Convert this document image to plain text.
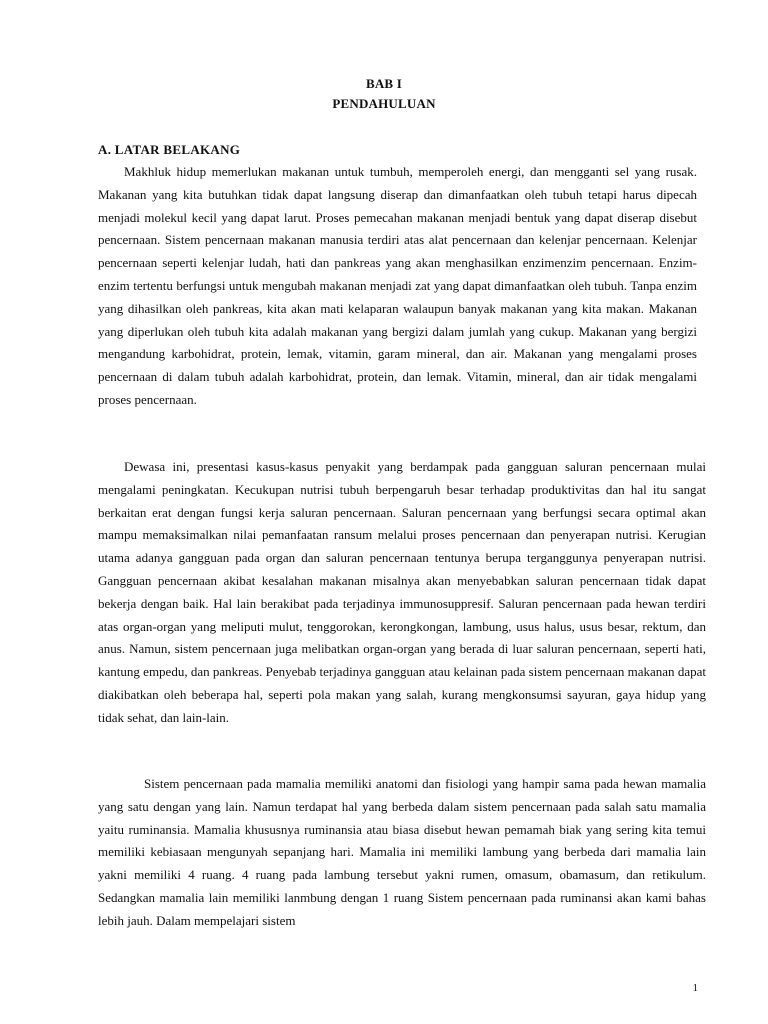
BAB I
PENDAHULUAN
A. LATAR BELAKANG

Makhluk hidup memerlukan makanan untuk tumbuh, memperoleh energi, dan mengganti sel yang rusak. Makanan yang kita butuhkan tidak dapat langsung diserap dan dimanfaatkan oleh tubuh tetapi harus dipecah menjadi molekul kecil yang dapat larut. Proses pemecahan makanan menjadi bentuk yang dapat diserap disebut pencernaan. Sistem pencernaan makanan manusia terdiri atas alat pencernaan dan kelenjar pencernaan. Kelenjar pencernaan seperti kelenjar ludah, hati dan pankreas yang akan menghasilkan enzimenzim pencernaan. Enzim-enzim tertentu berfungsi untuk mengubah makanan menjadi zat yang dapat dimanfaatkan oleh tubuh. Tanpa enzim yang dihasilkan oleh pankreas, kita akan mati kelaparan walaupun banyak makanan yang kita makan. Makanan yang diperlukan oleh tubuh kita adalah makanan yang bergizi dalam jumlah yang cukup. Makanan yang bergizi mengandung karbohidrat, protein, lemak, vitamin, garam mineral, dan air. Makanan yang mengalami proses pencernaan di dalam tubuh adalah karbohidrat, protein, dan lemak. Vitamin, mineral, dan air tidak mengalami proses pencernaan.

Dewasa ini, presentasi kasus-kasus penyakit yang berdampak pada gangguan saluran pencernaan mulai mengalami peningkatan. Kecukupan nutrisi tubuh berpengaruh besar terhadap produktivitas dan hal itu sangat berkaitan erat dengan fungsi kerja saluran pencernaan. Saluran pencernaan yang berfungsi secara optimal akan mampu memaksimalkan nilai pemanfaatan ransum melalui proses pencernaan dan penyerapan nutrisi. Kerugian utama adanya gangguan pada organ dan saluran pencernaan tentunya berupa terganggunya penyerapan nutrisi. Gangguan pencernaan akibat kesalahan makanan misalnya akan menyebabkan saluran pencernaan tidak dapat bekerja dengan baik. Hal lain berakibat pada terjadinya immunosuppresif. Saluran pencernaan pada hewan terdiri atas organ-organ yang meliputi mulut, tenggorokan, kerongkongan, lambung, usus halus, usus besar, rektum, dan anus. Namun, sistem pencernaan juga melibatkan organ-organ yang berada di luar saluran pencernaan, seperti hati, kantung empedu, dan pankreas. Penyebab terjadinya gangguan atau kelainan pada sistem pencernaan makanan dapat diakibatkan oleh beberapa hal, seperti pola makan yang salah, kurang mengkonsumsi sayuran, gaya hidup yang tidak sehat, dan lain-lain.

Sistem pencernaan pada mamalia memiliki anatomi dan fisiologi yang hampir sama pada hewan mamalia yang satu dengan yang lain. Namun terdapat hal yang berbeda dalam sistem pencernaan pada salah satu mamalia yaitu ruminansia. Mamalia khususnya ruminansia atau biasa disebut hewan pemamah biak yang sering kita temui memiliki kebiasaan mengunyah sepanjang hari. Mamalia ini memiliki lambung yang berbeda dari mamalia lain yakni memiliki 4 ruang. 4 ruang pada lambung tersebut yakni rumen, omasum, obamasum, dan retikulum. Sedangkan mamalia lain memiliki lanmbung dengan 1 ruang Sistem pencernaan pada ruminansi akan kami bahas lebih jauh. Dalam mempelajari sistem

1
